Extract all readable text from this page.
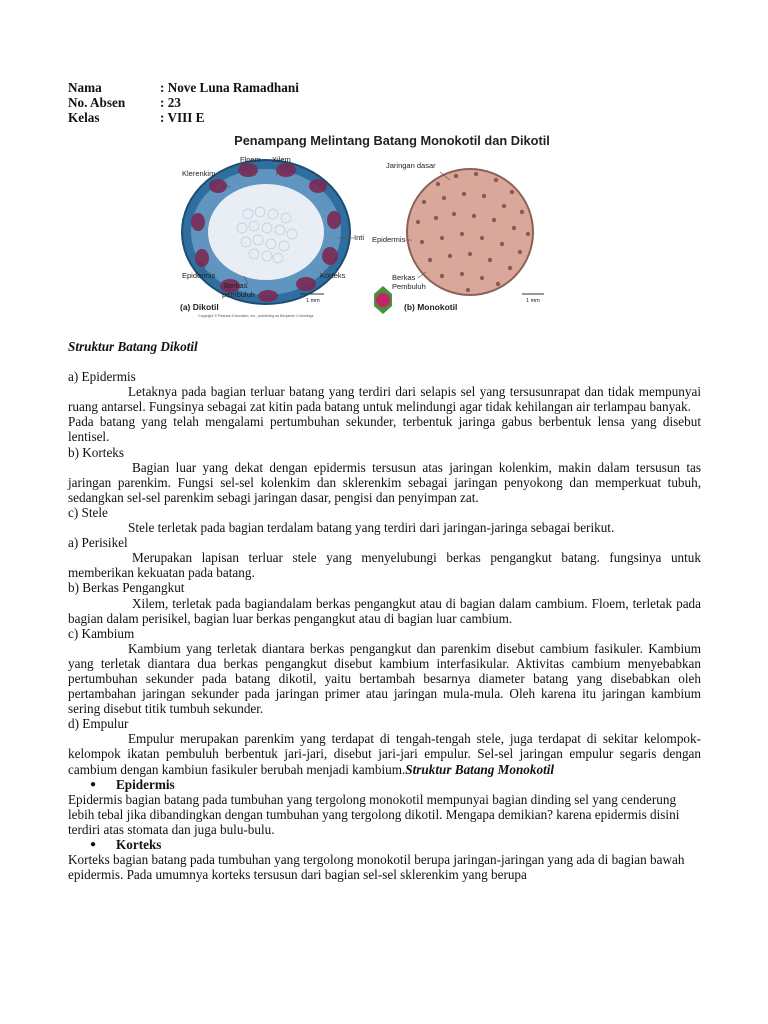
Nama	: Nove Luna Ramadhani
No. Absen	: 23
Kelas	: VIII E
Penampang Melintang Batang Monokotil dan Dikotil
Floem Xilem
Klerenkim
Inti
Epidermis	Korteks
Berkas
pembuluh
1 mm
(a) Dikotil
Copyright © Pearson Education, Inc., publishing as Benjamin Cummings.
Jaringan dasar
Epidermis
Berkas
Pembuluh
1 mm
(b) Monokotil
Struktur Batang Dikotil
a) Epidermis

Letaknya pada bagian terluar batang yang terdiri dari selapis sel yang tersusunrapat dan tidak mempunyai ruang antarsel. Fungsinya sebagai zat kitin pada batang untuk melindungi agar tidak kehilangan air terlampau banyak.

Pada batang yang telah mengalami pertumbuhan sekunder, terbentuk jaringa gabus berbentuk lensa yang disebut lentisel.

b) Korteks

Bagian luar yang dekat dengan epidermis tersusun atas jaringan kolenkim, makin dalam tersusun tas jaringan parenkim. Fungsi sel-sel kolenkim dan sklerenkim sebagai jaringan penyokong dan memperkuat tubuh, sedangkan sel-sel parenkim sebagi jaringan dasar, pengisi dan penyimpan zat.

c) Stele

Stele terletak pada bagian terdalam batang yang terdiri dari jaringan-jaringa sebagai berikut.

a) Perisikel

Merupakan lapisan terluar stele yang menyelubungi berkas pengangkut batang. fungsinya untuk memberikan kekuatan pada batang.

b) Berkas Pengangkut

Xilem, terletak pada bagiandalam berkas pengangkut atau di bagian dalam cambium. Floem, terletak pada bagian dalam perisikel, bagian luar berkas pengangkut atau di bagian luar cambium.

c) Kambium

Kambium yang terletak diantara berkas pengangkut dan parenkim disebut cambium fasikuler. Kambium yang terletak diantara dua berkas pengangkut disebut kambium interfasikular. Aktivitas cambium menyebabkan pertumbuhan sekunder pada batang dikotil, yaitu bertambah besarnya diameter batang yang disebabkan oleh pertambahan jaringan sekunder pada jaringan primer atau jaringan mula-mula. Oleh karena itu jaringan kambium sering disebut titik tumbuh sekunder.

d) Empulur

Empulur merupakan parenkim yang terdapat di tengah-tengah stele, juga terdapat di sekitar kelompok-kelompok ikatan pembuluh berbentuk jari-jari, disebut jari-jari empulur. Sel-sel jaringan empulur segaris dengan cambium dengan kambiun fasikuler berubah menjadi kambium.Struktur Batang Monokotil

●	Epidermis

Epidermis bagian batang pada tumbuhan yang tergolong monokotil mempunyai bagian dinding sel yang cenderung lebih tebal jika dibandingkan dengan tumbuhan yang tergolong dikotil. Mengapa demikian? karena epidermis disini terdiri atas stomata dan juga bulu-bulu.

●	Korteks

Korteks bagian batang pada tumbuhan yang tergolong monokotil berupa jaringan-jaringan yang ada di bagian bawah epidermis. Pada umumnya korteks tersusun dari bagian sel-sel sklerenkim yang berupa
